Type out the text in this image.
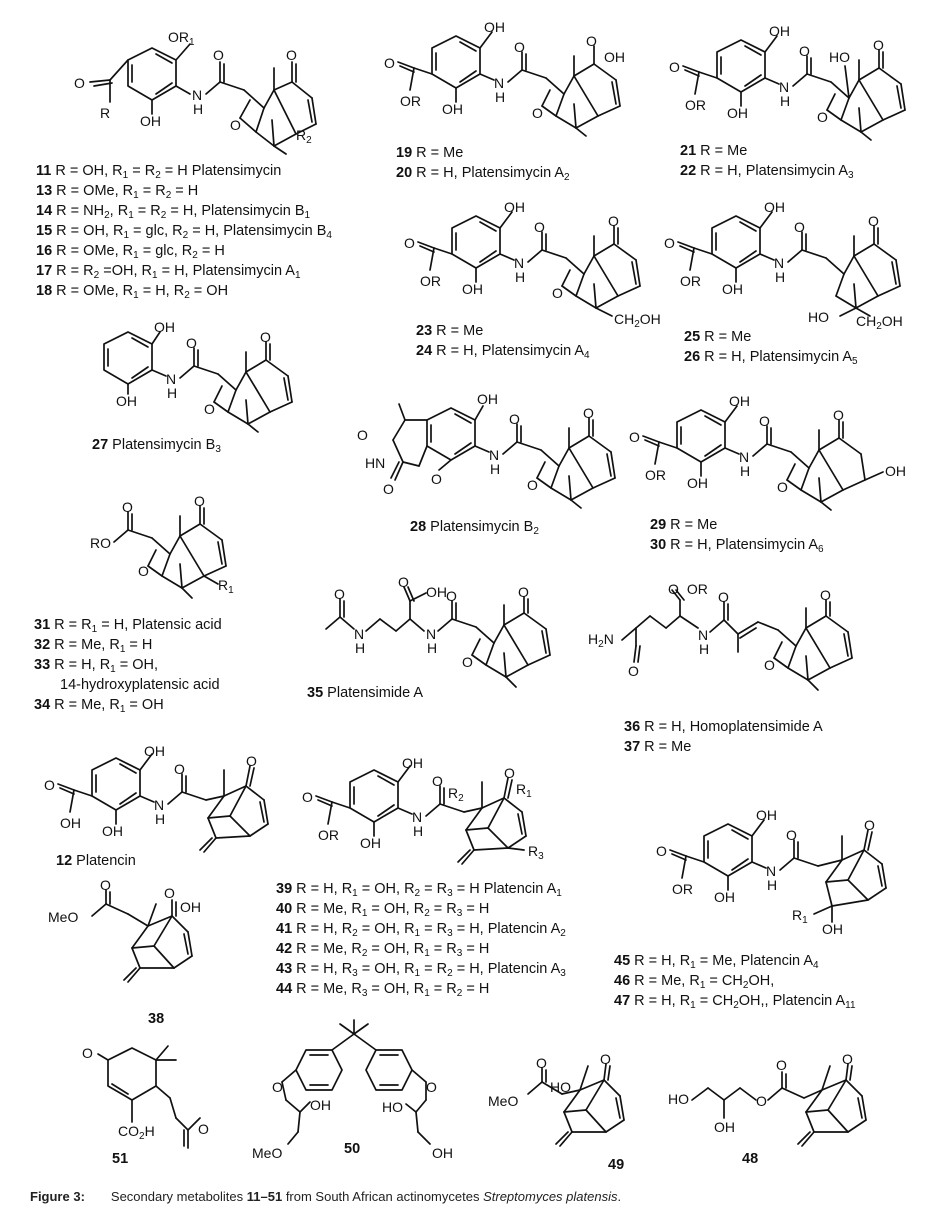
$OR_1$
O
R OH
N
H
O	O
O
$R_2$
11 R = OH, $R_1 = R_2 = H$ Platensimycin
13 R = OMe, $R_1 = R_2 = H$
14 $R = NH_2$, $R_1 = R_2 = H$, Platensimycin $B_1$
15 R = OH, $R_1$ = glc, $R_2 = H$, Platensimycin $B_4$
16 R = OMe, $R_1$ = glc, $R_2 = H$
17 $R = R_2 =OH$, $R_1 = H$, Platensimycin $A_1$
18 R = OMe, $R_1 = H$, $R_2$ = OH
OH
O
OR OH
N
H
O	O
OH
O
19 R = Me
20 R = H, Platensimycin $A_2$
OH
O
OR OH
N
H
O HO
O
O
21 R = Me
22 R = H, Platensimycin $A_3$
OH
O
OR OH
N
H
O	O
O
$CH_2OH$
23 R = Me
24 R = H, Platensimycin $A_4$
OH
O
OR OH
N
H
O	O
HO $CH_2OH$
25 R = Me
26 R = H, Platensimycin $A_5$
OH
OH
N
H
O	O
O
27 Platensimycin $B_3$
OH
O
HN
O
O
N
H
O	O
O
28 Platensimycin $B_2$
OH
O
OR OH
N
H
O	O
O
OH
29 R = Me
30 R = H, Platensimycin $A_6$
RO
O	O
O
$R_1$
31 $R = R_1 = H$, Platensic acid
32 R = Me, $R_1 = H$
33 R = H, $R_1$ = OH,
14-hydroxyplatensic acid
34 R = Me, $R_1$ = OH
O
N
H
O
OH
N
H
O	O
O
35 Platensimide A
$H_2N$
O
O OR
N
H
O	O
O
36 R = H, Homoplatensimide A
37 R = Me
OH
O
OH OH
N
H
O	O
12 Platencin
OH
O
OR OH
N
H
O
$R_2$
O
$R_1$
$R_3$
39 R = H, $R_1$ = OH, $R_2 = R_3 = H$ Platencin $A_1$
40 R = Me, $R_1$ = OH, $R_2 = R_3 = H$
41 R = H, $R_2$ = OH, $R_1 = R_3 = H$, Platencin $A_2$
42 R = Me, $R_2$ = OH, $R_1 = R_3 = H$
43 R = H, $R_3$ = OH, $R_1 = R_2 = H$, Platencin $A_3$
44 R = Me, $R_3$ = OH, $R_1 = R_2 = H$
MeO
O	O
OH
38
OH
O
OR OH
N
H
O
O
$R_1$
OH
45 R = H, $R_1 = Me$, Platencin $A_4$
46 R = Me, $R_1 = CH_2OH$,
47 R = H, $R_1 = CH_2OH$,, Platencin $A_{11}$
O
$CO_2H$	O
51
O	O
OH	HO
MeO	OH
50
MeO
O
HO
O
49
HO
OH
O
O	O
48
Figure 3: Secondary metabolites 11–51 from South African actinomycetes Streptomyces platensis.
